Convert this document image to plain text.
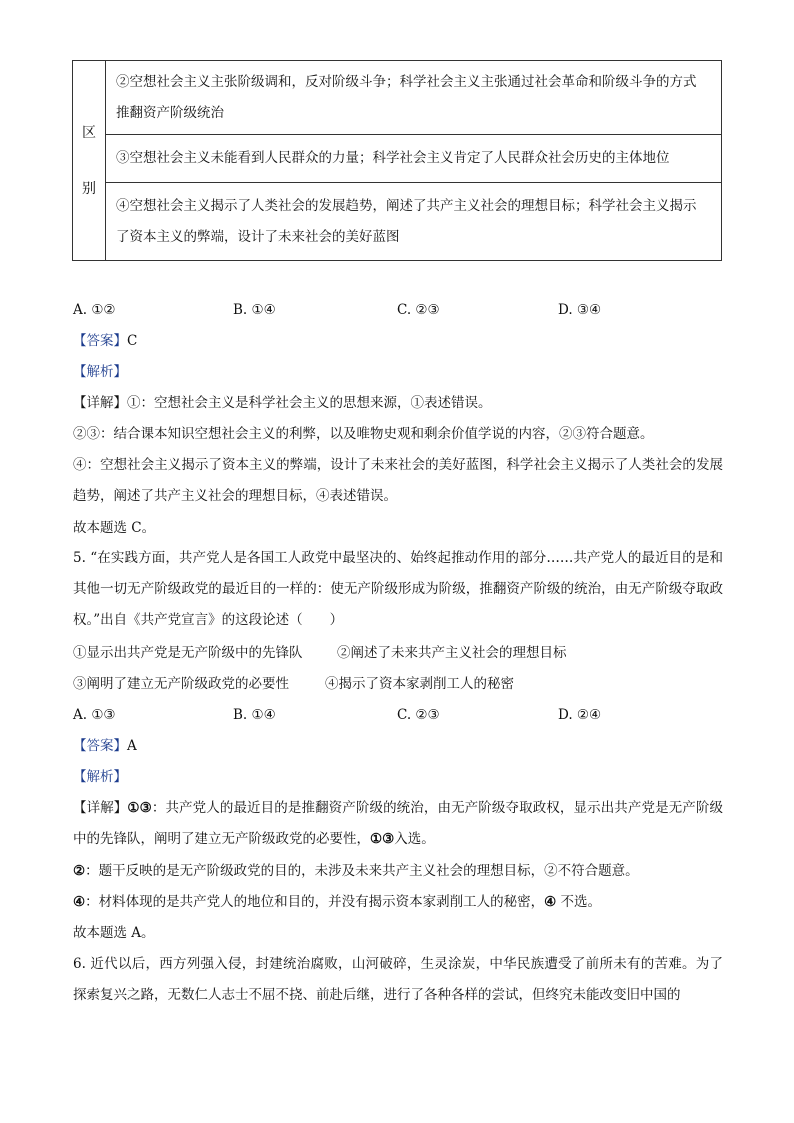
区

别	②空想社会主义主张阶级调和，反对阶级斗争；科学社会主义主张通过社会革命和阶级斗争的方式推翻资产阶级统治
③空想社会主义未能看到人民群众的力量；科学社会主义肯定了人民群众社会历史的主体地位
④空想社会主义揭示了人类社会的发展趋势，阐述了共产主义社会的理想目标；科学社会主义揭示了资本主义的弊端，设计了未来社会的美好蓝图
A. ①②	B. ①④	C. ②③	D. ③④
【答案】C
【解析】
【详解】①：空想社会主义是科学社会主义的思想来源，①表述错误。
②③：结合课本知识空想社会主义的利弊，以及唯物史观和剩余价值学说的内容，②③符合题意。
④：空想社会主义揭示了资本主义的弊端，设计了未来社会的美好蓝图，科学社会主义揭示了人类社会的发展趋势，阐述了共产主义社会的理想目标，④表述错误。
故本题选 C。
5. “在实践方面，共产党人是各国工人政党中最坚决的、始终起推动作用的部分……共产党人的最近目的是和其他一切无产阶级政党的最近目的一样的：使无产阶级形成为阶级，推翻资产阶级的统治，由无产阶级夺取政权。”出自《共产党宣言》的这段论述（　　）
①显示出共产党是无产阶级中的先锋队	②阐述了未来共产主义社会的理想目标
③阐明了建立无产阶级政党的必要性	④揭示了资本家剥削工人的秘密
A. ①③	B. ①④	C. ②③	D. ②④
【答案】A
【解析】
【详解】①③：共产党人的最近目的是推翻资产阶级的统治，由无产阶级夺取政权，显示出共产党是无产阶级中的先锋队，阐明了建立无产阶级政党的必要性，①③入选。
②：题干反映的是无产阶级政党的目的，未涉及未来共产主义社会的理想目标，②不符合题意。
④：材料体现的是共产党人的地位和目的，并没有揭示资本家剥削工人的秘密，④ 不选。
故本题选 A。
6. 近代以后，西方列强入侵，封建统治腐败，山河破碎，生灵涂炭，中华民族遭受了前所未有的苦难。为了探索复兴之路，无数仁人志士不屈不挠、前赴后继，进行了各种各样的尝试，但终究未能改变旧中国的
